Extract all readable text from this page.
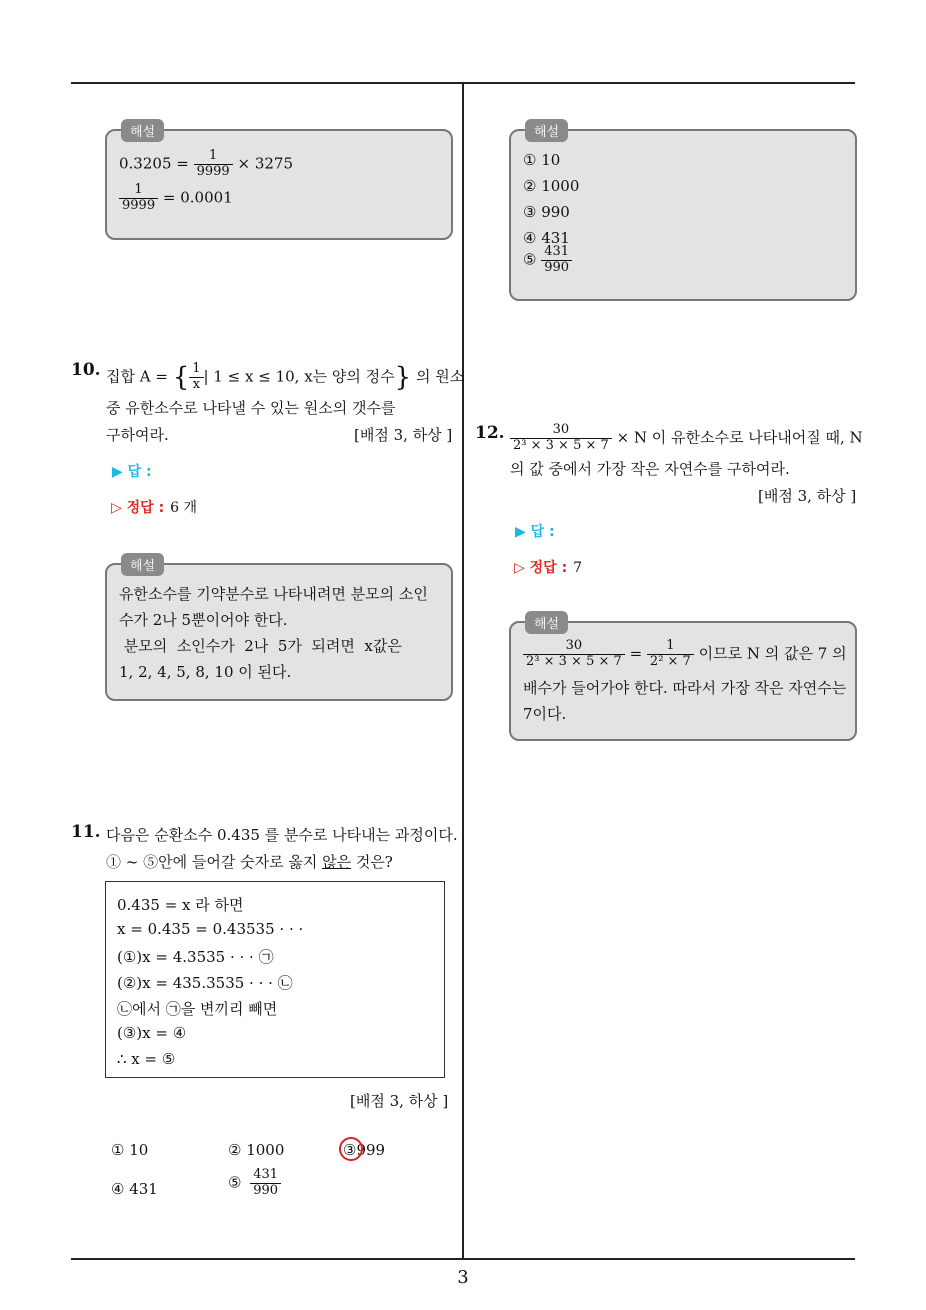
3
해설
$0.3205 = \frac{1}{9999} \times 3275$
$\frac{1}{9999} = 0.0001$
해설
① 10
② 1000
③ 990
④ 431
⑤ $\frac{431}{990}$
10. 집합 A = { $\frac{1}{x}$ | 1 ≤ x ≤ 10, x는 양의 정수} 의 원소
중 유한소수로 나타낼 수 있는 원소의 갯수를
구하여라.	[배점 3, 하상 ]
▶ 답 :
▷ 정답 : 6 개
해설
유한소수를 기약분수로 나타내려면 분모의 소인
수가 2나 5뿐이어야 한다.
분모의  소인수가  2나  5가  되려면  x값은
1, 2, 4, 5, 8, 10 이 된다.
11. 다음은 순환소수 0.435 를 분수로 나타내는 과정이다.
① ~ ⑤안에 들어갈 숫자로 옳지 않은 것은?
0.435 = x 라 하면
x = 0.435 = 0.43535 · · ·
(①)x = 4.3535 · · · ㉠
(②)x = 435.3535 · · · ㉡
㉡에서 ㉠을 변끼리 빼면
(③)x = ④
∴ x = ⑤
[배점 3, 하상 ]
① 10	② 1000	③999
④ 431	⑤ $\frac{431}{990}$
12. $\frac{30}{\text{2³ × 3 × 5 × 7}} \times N$ 이 유한소수로 나타내어질 때, N
의 값 중에서 가장 작은 자연수를 구하여라.
[배점 3, 하상 ]
▶ 답 :
▷ 정답 : 7
해설
$\frac{30}{\text{2³ × 3 × 5 × 7}} = \frac{1}{\text{2² × 7}}$ 이므로 N 의 값은 7 의
배수가 들어가야 한다. 따라서 가장 작은 자연수는
7이다.
